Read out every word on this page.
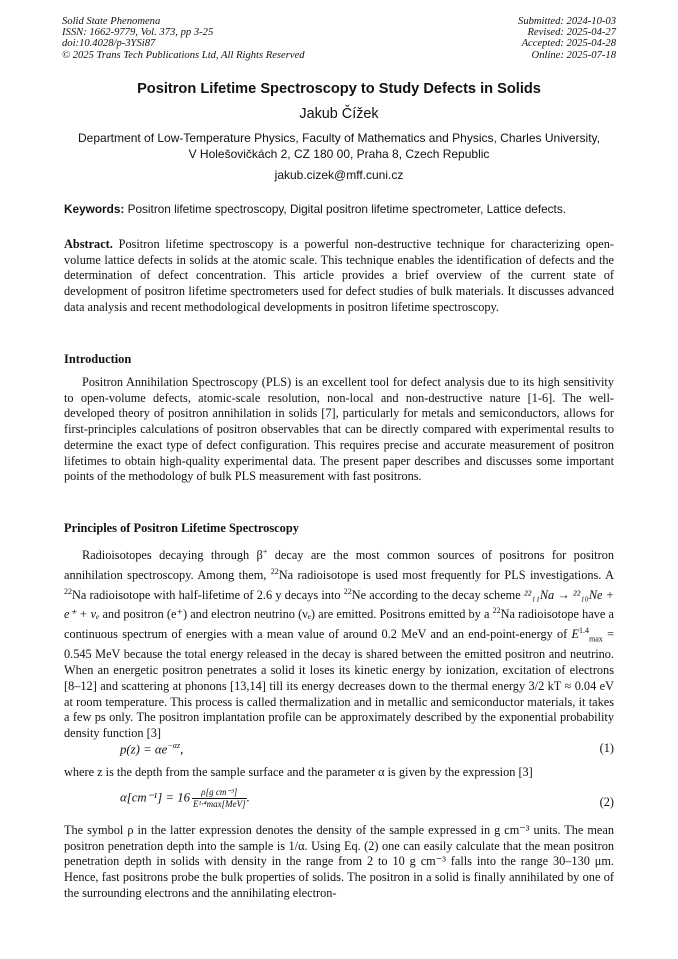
Solid State Phenomena
ISSN: 1662-9779, Vol. 373, pp 3-25
doi:10.4028/p-3YSi87
© 2025 Trans Tech Publications Ltd, All Rights Reserved
Submitted: 2024-10-03
Revised: 2025-04-27
Accepted: 2025-04-28
Online: 2025-07-18
Positron Lifetime Spectroscopy to Study Defects in Solids
Jakub Čížek
Department of Low-Temperature Physics, Faculty of Mathematics and Physics, Charles University,
V Holešovičkách 2, CZ 180 00, Praha 8, Czech Republic
jakub.cizek@mff.cuni.cz
Keywords: Positron lifetime spectroscopy, Digital positron lifetime spectrometer, Lattice defects.
Abstract. Positron lifetime spectroscopy is a powerful non-destructive technique for characterizing open-volume lattice defects in solids at the atomic scale. This technique enables the identification of defects and the determination of defect concentration. This article provides a brief overview of the current state of development of positron lifetime spectrometers used for defect studies of bulk materials. It discusses advanced data analysis and recent methodological developments in positron lifetime spectroscopy.
Introduction
Positron Annihilation Spectroscopy (PLS) is an excellent tool for defect analysis due to its high sensitivity to open-volume defects, atomic-scale resolution, non-local and non-destructive nature [1-6]. The well-developed theory of positron annihilation in solids [7], particularly for metals and semiconductors, allows for first-principles calculations of positron observables that can be directly compared with experimental results to determine the exact type of defect configuration. This requires precise and accurate measurement of positron lifetimes to obtain high-quality experimental data. The present paper describes and discusses some important points of the methodology of bulk PLS measurement with fast positrons.
Principles of Positron Lifetime Spectroscopy
Radioisotopes decaying through β+ decay are the most common sources of positrons for positron annihilation spectroscopy. Among them, $^{22}$Na radioisotope is used most frequently for PLS investigations. A $^{22}$Na radioisotope with half-lifetime of 2.6 y decays into $^{22}$Ne according to the decay scheme ²²₁₁Na → ²²₁₀Ne + e⁺ + νₑ and positron (e⁺) and electron neutrino (νₑ) are emitted. Positrons emitted by a $^{22}$Na radioisotope have a continuous spectrum of energies with a mean value of around 0.2 MeV and an end-point-energy of $E^{1.4}_{max} = 0.545$ MeV because the total energy released in the decay is shared between the emitted positron and neutrino. When an energetic positron penetrates a solid it loses its kinetic energy by ionization, excitation of electrons [8–12] and scattering at phonons [13,14] till its energy decreases down to the thermal energy 3/2 kT ≈ 0.04 eV at room temperature. This process is called thermalization and in metallic and semiconductor materials, it takes a few ps only. The positron implantation profile can be approximately described by the exponential probability density function [3]
$p(z) = \alpha e^{-\alpha z}$,	(1)
where z is the depth from the sample surface and the parameter α is given by the expression [3]
$\alpha[cm^{-1}] = 16 \frac{\text{ρ[g cm⁻³]}}{\text{E¹·⁴max[MeV]}}$ .	(2)
The symbol ρ in the latter expression denotes the density of the sample expressed in g cm⁻³ units. The mean positron penetration depth into the sample is 1/α. Using Eq. (2) one can easily calculate that the mean positron penetration depth in solids with density in the range from 2 to 10 g cm⁻³ falls into the range 30–130 μm. Hence, fast positrons probe the bulk properties of solids. The positron in a solid is finally annihilated by one of the surrounding electrons and the annihilating electron-
